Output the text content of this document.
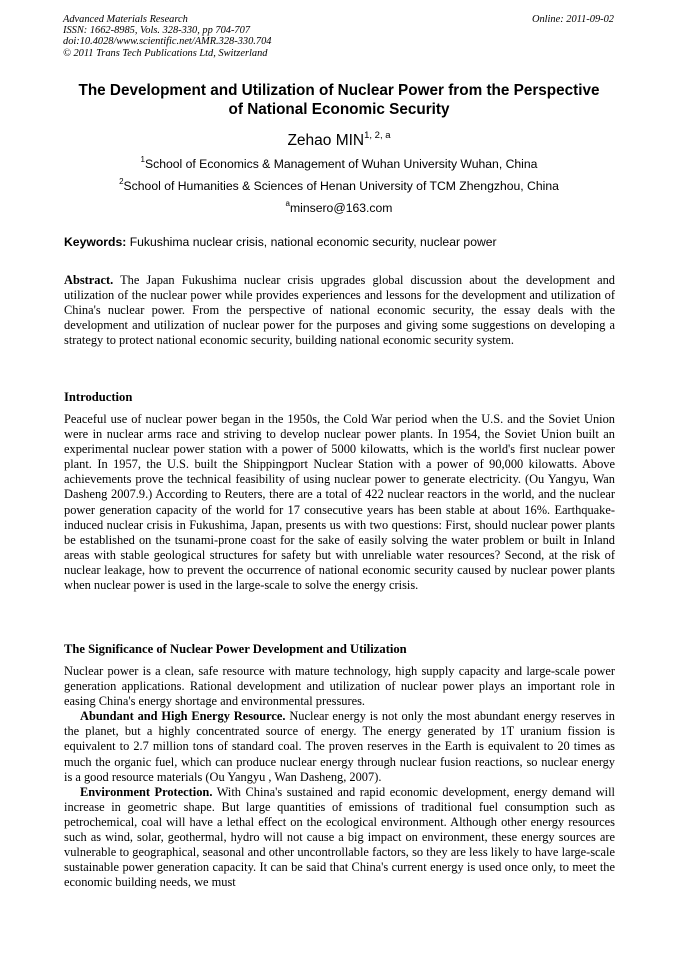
Advanced Materials Research
ISSN: 1662-8985, Vols. 328-330, pp 704-707
doi:10.4028/www.scientific.net/AMR.328-330.704
© 2011 Trans Tech Publications Ltd, Switzerland
Online: 2011-09-02
The Development and Utilization of Nuclear Power from the Perspective
of National Economic Security
Zehao MIN$^{1, 2, a}$
$^1$School of Economics & Management of Wuhan University Wuhan, China
$^2$School of Humanities & Sciences of Henan University of TCM Zhengzhou, China
$^a$minsero@163.com
Keywords: Fukushima nuclear crisis, national economic security, nuclear power

Abstract. The Japan Fukushima nuclear crisis upgrades global discussion about the development and utilization of the nuclear power while provides experiences and lessons for the development and utilization of China's nuclear power. From the perspective of national economic security, the essay deals with the development and utilization of nuclear power for the purposes and giving some suggestions on developing a strategy to protect national economic security, building national economic security system.

Introduction

Peaceful use of nuclear power began in the 1950s, the Cold War period when the U.S. and the Soviet Union were in nuclear arms race and striving to develop nuclear power plants. In 1954, the Soviet Union built an experimental nuclear power station with a power of 5000 kilowatts, which is the world's first nuclear power plant. In 1957, the U.S. built the Shippingport Nuclear Station with a power of 90,000 kilowatts. Above achievements prove the technical feasibility of using nuclear power to generate electricity. (Ou Yangyu, Wan Dasheng 2007.9.) According to Reuters, there are a total of 422 nuclear reactors in the world, and the nuclear power generation capacity of the world for 17 consecutive years has been stable at about 16%. Earthquake-induced nuclear crisis in Fukushima, Japan, presents us with two questions: First, should nuclear power plants be established on the tsunami-prone coast for the sake of easily solving the water problem or built in Inland areas with stable geological structures for safety but with unreliable water resources? Second, at the risk of nuclear leakage, how to prevent the occurrence of national economic security caused by nuclear power plants when nuclear power is used in the large-scale to solve the energy crisis.

The Significance of Nuclear Power Development and Utilization

Nuclear power is a clean, safe resource with mature technology, high supply capacity and large-scale power generation applications. Rational development and utilization of nuclear power plays an important role in easing China's energy shortage and environmental pressures.

Abundant and High Energy Resource. Nuclear energy is not only the most abundant energy reserves in the planet, but a highly concentrated source of energy. The energy generated by 1T uranium fission is equivalent to 2.7 million tons of standard coal. The proven reserves in the Earth is equivalent to 20 times as much the organic fuel, which can produce nuclear energy through nuclear fusion reactions, so nuclear energy is a good resource materials (Ou Yangyu , Wan Dasheng, 2007).

Environment Protection. With China's sustained and rapid economic development, energy demand will increase in geometric shape. But large quantities of emissions of traditional fuel consumption such as petrochemical, coal will have a lethal effect on the ecological environment. Although other energy resources such as wind, solar, geothermal, hydro will not cause a big impact on environment, these energy sources are vulnerable to geographical, seasonal and other uncontrollable factors, so they are less likely to have large-scale sustainable power generation capacity. It can be said that China's current energy is used once only, to meet the economic building needs, we must
